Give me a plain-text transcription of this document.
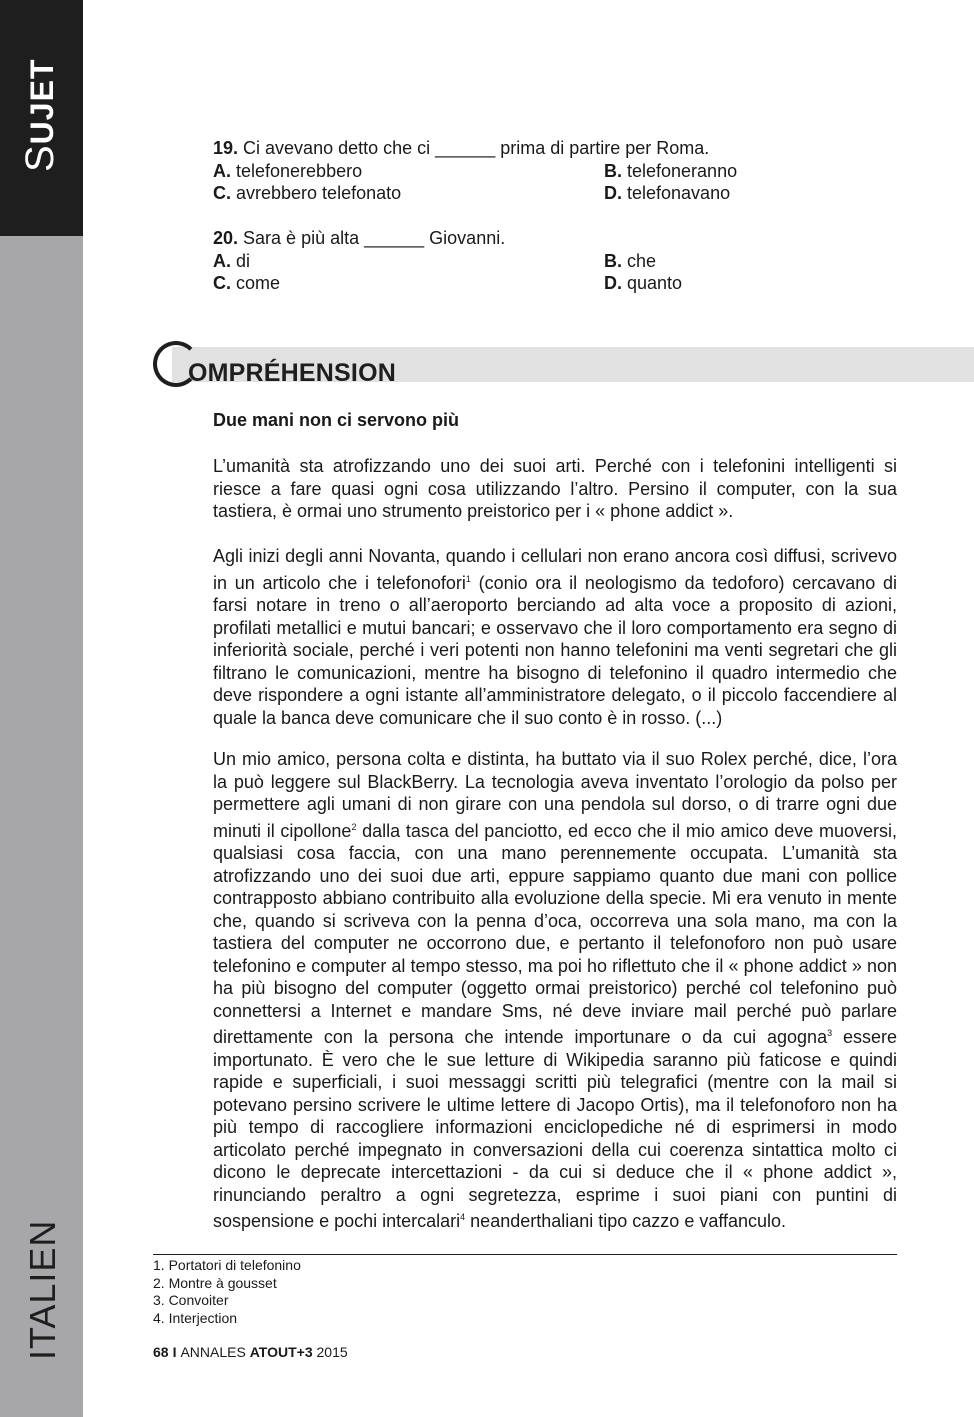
SUJET
ITALIEN
19. Ci avevano detto che ci ______ prima di partire per Roma.
A. telefonerebbero	B. telefoneranno
C. avrebbero telefonato	D. telefonavano
20. Sara è più alta ______ Giovanni.
A. di	B. che
C. come	D. quanto
OMPRÉHENSION
Due mani non ci servono più
L’umanità sta atrofizzando uno dei suoi arti. Perché con i telefonini intelligenti si riesce a fare quasi ogni cosa utilizzando l’altro. Persino il computer, con la sua tastiera, è ormai uno strumento preistorico per i « phone addict ».
Agli inizi degli anni Novanta, quando i cellulari non erano ancora così diffusi, scrivevo in un articolo che i telefonofori$^1$ (conio ora il neologismo da tedoforo) cercavano di farsi notare in treno o all’aeroporto berciando ad alta voce a proposito di azioni, profilati metallici e mutui bancari; e osservavo che il loro comportamento era segno di inferiorità sociale, perché i veri potenti non hanno telefonini ma venti segretari che gli filtrano le comunicazioni, mentre ha bisogno di telefonino il quadro intermedio che deve rispondere a ogni istante all’amministratore delegato, o il piccolo faccendiere al quale la banca deve comunicare che il suo conto è in rosso. (...)
Un mio amico, persona colta e distinta, ha buttato via il suo Rolex perché, dice, l’ora la può leggere sul BlackBerry. La tecnologia aveva inventato l’orologio da polso per permettere agli umani di non girare con una pendola sul dorso, o di trarre ogni due minuti il cipollone$^2$ dalla tasca del panciotto, ed ecco che il mio amico deve muoversi, qualsiasi cosa faccia, con una mano perennemente occupata. L’umanità sta atrofizzando uno dei suoi due arti, eppure sappiamo quanto due mani con pollice contrapposto abbiano contribuito alla evoluzione della specie. Mi era venuto in mente che, quando si scriveva con la penna d’oca, occorreva una sola mano, ma con la tastiera del computer ne occorrono due, e pertanto il telefonoforo non può usare telefonino e computer al tempo stesso, ma poi ho riflettuto che il « phone addict » non ha più bisogno del computer (oggetto ormai preistorico) perché col telefonino può connettersi a Internet e mandare Sms, né deve inviare mail perché può parlare direttamente con la persona che intende importunare o da cui agogna$^3$ essere importunato. È vero che le sue letture di Wikipedia saranno più faticose e quindi rapide e superficiali, i suoi messaggi scritti più telegrafici (mentre con la mail si potevano persino scrivere le ultime lettere di Jacopo Ortis), ma il telefonoforo non ha più tempo di raccogliere informazioni enciclopediche né di esprimersi in modo articolato perché impegnato in conversazioni della cui coerenza sintattica molto ci dicono le deprecate intercettazioni - da cui si deduce che il « phone addict », rinunciando peraltro a ogni segretezza, esprime i suoi piani con puntini di sospensione e pochi intercalari$^4$ neanderthaliani tipo cazzo e vaffanculo.
1. Portatori di telefonino
2. Montre à gousset
3. Convoiter
4. Interjection
68 I ANNALES ATOUT+3 2015
